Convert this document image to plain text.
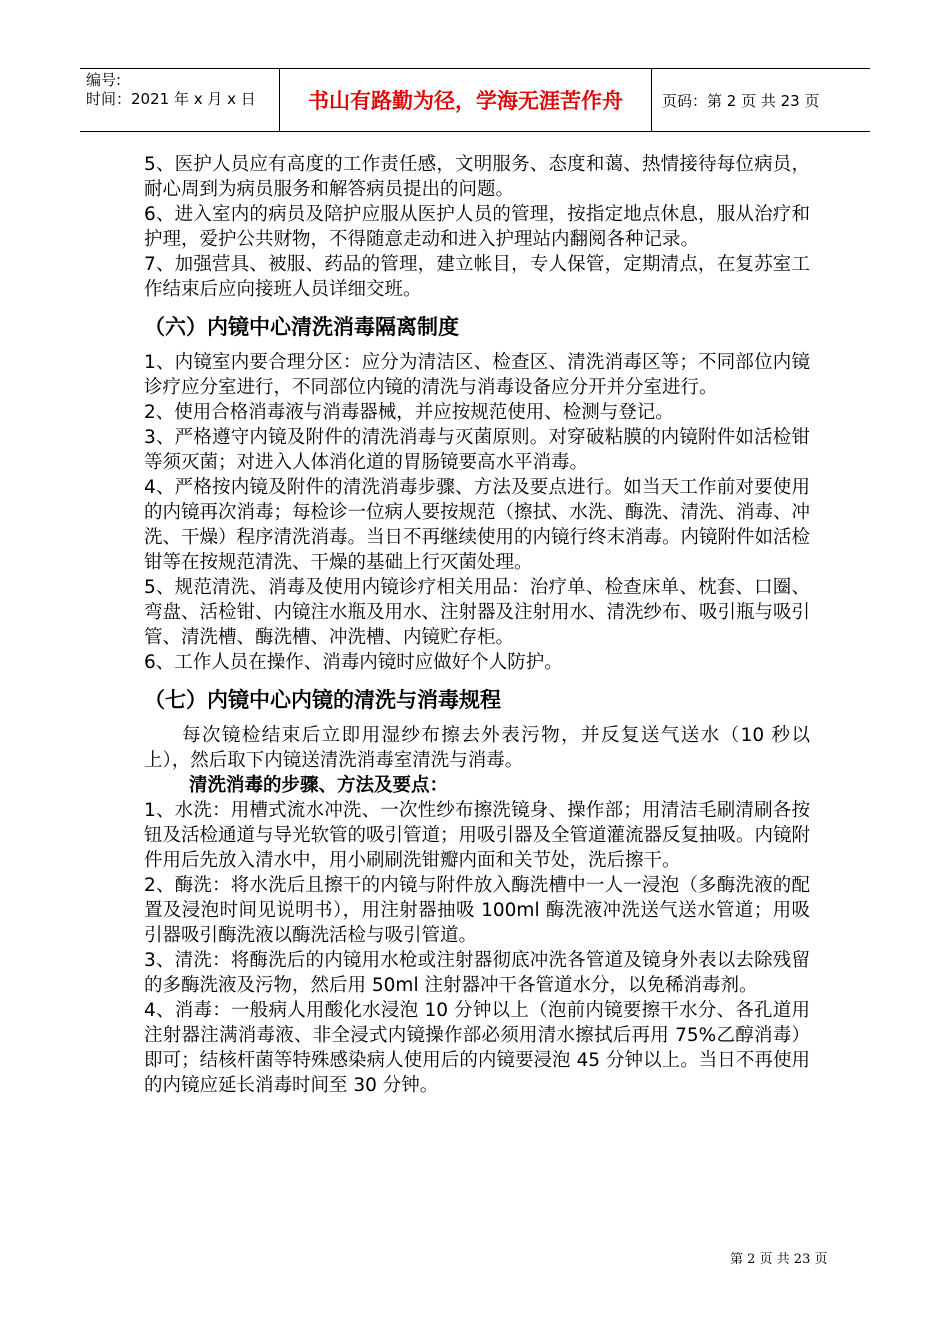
编号:
时间：2021 年 x 月 x 日	书山有路勤为径，学海无涯苦作舟	页码：第 2 页 共 23 页

5、医护人员应有高度的工作责任感，文明服务、态度和蔼、热情接待每位病员，耐心周到为病员服务和解答病员提出的问题。

6、进入室内的病员及陪护应服从医护人员的管理，按指定地点休息，服从治疗和护理，爱护公共财物，不得随意走动和进入护理站内翻阅各种记录。

7、加强营具、被服、药品的管理，建立帐目，专人保管，定期清点，在复苏室工作结束后应向接班人员详细交班。

（六）内镜中心清洗消毒隔离制度

1、内镜室内要合理分区：应分为清洁区、检查区、清洗消毒区等；不同部位内镜诊疗应分室进行，不同部位内镜的清洗与消毒设备应分开并分室进行。

2、使用合格消毒液与消毒器械，并应按规范使用、检测与登记。

3、严格遵守内镜及附件的清洗消毒与灭菌原则。对穿破粘膜的内镜附件如活检钳等须灭菌；对进入人体消化道的胃肠镜要高水平消毒。

4、严格按内镜及附件的清洗消毒步骤、方法及要点进行。如当天工作前对要使用的内镜再次消毒；每检诊一位病人要按规范（擦拭、水洗、酶洗、清洗、消毒、冲洗、干燥）程序清洗消毒。当日不再继续使用的内镜行终末消毒。内镜附件如活检钳等在按规范清洗、干燥的基础上行灭菌处理。

5、规范清洗、消毒及使用内镜诊疗相关用品：治疗单、检查床单、枕套、口圈、弯盘、活检钳、内镜注水瓶及用水、注射器及注射用水、清洗纱布、吸引瓶与吸引管、清洗槽、酶洗槽、冲洗槽、内镜贮存柜。

6、工作人员在操作、消毒内镜时应做好个人防护。

（七）内镜中心内镜的清洗与消毒规程

每次镜检结束后立即用湿纱布擦去外表污物，并反复送气送水（10 秒以上），然后取下内镜送清洗消毒室清洗与消毒。

清洗消毒的步骤、方法及要点：

1、水洗：用槽式流水冲洗、一次性纱布擦洗镜身、操作部；用清洁毛刷清刷各按钮及活检通道与导光软管的吸引管道；用吸引器及全管道灌流器反复抽吸。内镜附件用后先放入清水中，用小刷刷洗钳瓣内面和关节处，洗后擦干。

2、酶洗：将水洗后且擦干的内镜与附件放入酶洗槽中一人一浸泡（多酶洗液的配置及浸泡时间见说明书），用注射器抽吸 100ml 酶洗液冲洗送气送水管道；用吸引器吸引酶洗液以酶洗活检与吸引管道。

3、清洗：将酶洗后的内镜用水枪或注射器彻底冲洗各管道及镜身外表以去除残留的多酶洗液及污物，然后用 50ml 注射器冲干各管道水分，以免稀消毒剂。

4、消毒：一般病人用酸化水浸泡 10 分钟以上（泡前内镜要擦干水分、各孔道用注射器注满消毒液、非全浸式内镜操作部必须用清水擦拭后再用 75%乙醇消毒）即可；结核杆菌等特殊感染病人使用后的内镜要浸泡 45 分钟以上。当日不再使用的内镜应延长消毒时间至 30 分钟。

第 2 页 共 23 页
